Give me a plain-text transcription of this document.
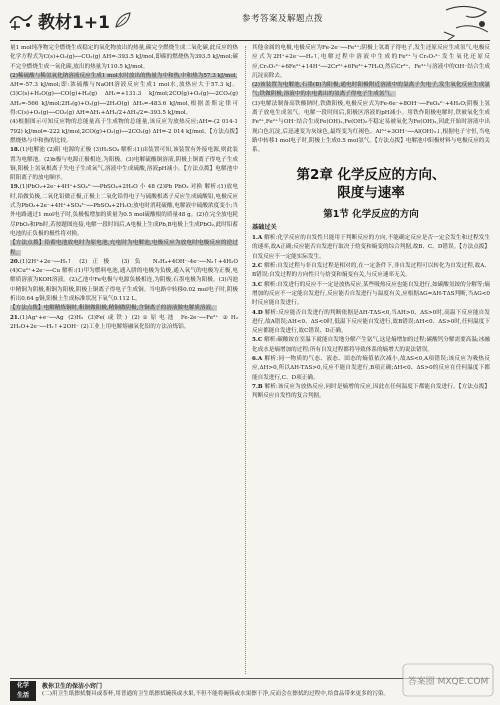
教材1+1	参考答案及解题点拨

量1 mol纯净物完全燃烧生成稳定的氧化物放出的热量,碳完全燃烧生成二氧化碳,此反应的热化学方程式为C(s)+O₂(g)──CO₂(g) ΔH=-393.5 kJ/mol,即碳的燃烧热为393.5 kJ/mol;碳不完全燃烧生成一氧化碳,放出的热量为110.5 kJ/mol。

(2)稀硫酸与稀氢氧化钠溶液反应生成1 mol水时放出的热量为中和热,中和热为57.3 kJ/mol,

ΔH=-57.3 kJ/mol;即:浓硫酸与NaOH溶液反应生成1 mol水,放热应大于57.3 kJ。(3)C(s)+H₂O(g)──CO(g)+H₂(g) ΔH₁=+131.3 kJ/mol;2CO(g)+O₂(g)──2CO₂(g) ΔH₂=-566 kJ/mol;2H₂(g)+O₂(g)──2H₂O(g) ΔH₃=-483.6 kJ/mol,根据盖斯定律可得:C(s)+O₂(g)──CO₂(g) ΔH=ΔH₁+ΔH₂/2+ΔH₃/2=-393.5 kJ/mol。

(4)根据图示可知反应物的总能量高于生成物的总能量,该反应为放热反应;ΔH=-(2 014-1 792) kJ/mol=-222 kJ/mol,2CO(g)+O₂(g)──2CO₂(g) ΔH=-2 014 kJ/mol。【方法点拨】燃烧热与中和热的比较。

18.(1)电解池 (2)阳 电源的正极 (3)H₂SO₄ 解析:(1)由装置可知,该装置有外接电源,则此装置为电解池。(2)b极与电源正极相连,为阳极。(3)电解硫酸铜溶液,阴极上铜离子得电子生成铜,阳极上氢氧根离子失电子生成氧气,溶液中生成硫酸,溶液pH减小。【方法点拨】电解池中阴阳离子的放电顺序。

19.(1)PbO₂+2e⁻+4H⁺+SO₄²⁻──PbSO₄+2H₂O 小 48 (2)Pb PbO₂ 对换 解析:(1)放电时,铅做负极,二氧化铅做正极,正极上二氧化铅得电子与硫酸根离子反应生成硫酸铅,电极反应式为PbO₂+2e⁻+4H⁺+SO₄²⁻──PbSO₄+2H₂O;放电时消耗硫酸,电解液中硫酸浓度变小;当外电路通过1 mol电子时,负极板增加的质量为0.5 mol硫酸根的质量48 g。(2)在完全放电耗尽PbO₂和Pb时,若按题图连接,电解一段时间后,A电极上生成Pb,B电极上生成PbO₂,此时铅蓄电池的正负极的极性将对换。

【方法点拨】铅蓄电池放电时为原电池,充电时为电解池,电极反应为放电时电极反应的逆过程。

20.(1)2H⁺+2e⁻──H₂↑ (2)正极 (3)负 N₂H₄+4OH⁻-4e⁻──N₂↑+4H₂O (4)Cu²⁺+2e⁻──Cu 解析:(1)甲为燃料电池,通入肼的电极为负极,通入氧气的电极为正极,电解质溶液为KOH溶液。(2)乙池中Fe电极与电源负极相连,为阴极,石墨电极为阳极。(3)丙池中精铜为阴极,粗铜为阳极,阴极上铜离子得电子生成铜。当电路中转移0.02 mol电子时,阴极析出0.64 g铜,阳极上生成标准状况下氧气0.112 L。

【方法点拨】电解精炼铜时,粗铜做阳极,精铜做阴极,含铜离子的溶液做电解质溶液。

21.(1)Ag⁺+e⁻──Ag (2)H₂ (3)Fe(或铁) (2)①原电池 Fe-2e⁻──Fe²⁺ ②H₂ 2H₂O+2e⁻──H₂↑+2OH⁻ (2)工业上用电解熔融氧化铝的方法冶炼铝。

其他金属的电极,电极反应为Fe-2e⁻──Fe²⁺;阴极上氢离子得电子,发生还原反应生成氢气,电极反应式为2H⁺+2e⁻──H₂↑,电解过程中溶液中生成的Fe²⁺与Cr₂O₇²⁻发生氧化还原反应,Cr₂O₇²⁻+6Fe²⁺+14H⁺──2Cr³⁺+6Fe³⁺+7H₂O,然后Cr³⁺、Fe³⁺与溶液中的OH⁻结合生成沉淀而除去。

(2)该装置为电解池,石墨(Ⅱ)为阳极,通电时阳极附近溶液中的氯离子失电子,发生氧化反应生成氯气;铁做阴极,溶液中的水电离出的氢离子得电子生成氢气。

(3)电解法制备高铁酸钠时,铁做阳极,电极反应式为Fe-6e⁻+8OH⁻──FeO₄²⁻+4H₂O;阴极上氢离子放电生成氢气。电解一段时间后,阳极区溶液的pH减小。用铁作阳极电解时,铁被氧化生成Fe²⁺,Fe²⁺与OH⁻结合生成Fe(OH)₂,Fe(OH)₂不稳定易被氧化为Fe(OH)₃,因此开始时溶液中出现白色沉淀,后迅速变为灰绿色,最终变为红褐色。Al³⁺+3OH⁻──Al(OH)₃↓,根据电子守恒,当电路中转移1 mol电子时,阴极上生成0.5 mol氢气。【方法点拨】电解池中阳极材料与电极反应的关系。

第2章 化学反应的方向、
限度与速率
第1节 化学反应的方向
基础过关

1.A 解析:化学反应的自发性只能用于判断反应的方向,不能确定反应是否一定会发生和过程发生的速率,故A正确;反应能否自发进行取决于焓变和熵变的综合判据,故B、C、D错误。【方法点拨】自发反应不一定能实际发生。

2.C 解析:自发过程与非自发过程是相对的,在一定条件下,非自发过程可以转化为自发过程,故A、B错误;自发过程的方向性只与焓变和熵变有关,与反应速率无关。

3.C 解析:自发进行的反应不一定是放热反应,某些吸热反应也能自发进行,如碳酸氢铵的分解等;熵增加的反应不一定能自发进行,反应能否自发进行与温度有关,应根据ΔG=ΔH-TΔS判断,当ΔG<0时反应能自发进行。

4.D 解析:反应能否自发进行的判断依据是ΔH-TΔS<0,当ΔH>0、ΔS>0时,高温下反应能自发进行,故A错误;ΔH<0、ΔS<0时,低温下反应能自发进行,故B错误;ΔH<0、ΔS>0时,任何温度下反应都能自发进行,故C错误、D正确。

5.C 解析:碳酸铵在室温下就能自发地分解产生氨气,这是熵增加的过程;碳酸钙分解需要高温;冰融化成水是熵增加的过程;所有自发过程都将导致体系的熵增大的说法错误。

6.A 解析:同一物质的气态、液态、固态的熵值依次减小,故ΔS<0,A项错误;该反应为吸热反应,ΔH>0,所以ΔH-TΔS>0,反应不能自发进行,B项正确;ΔH<0、ΔS>0的反应在任何温度下都能自发进行,C、D项正确。

7.B 解析:该反应为放热反应,同时是熵增的反应,因此在任何温度下都能自发进行。【方法点拨】判断反应自发性的复合判据。

化学
生活
教你卫生的保洁小窍门
(二)用卫生纸擦拭餐具或茶杯,用普通的卫生纸擦拭碗筷或水果,不但不能将碗筷或水果擦干净,反而会在擦拭的过程中,给食品带来更多的污染。
答案圈 MXQE.COM
